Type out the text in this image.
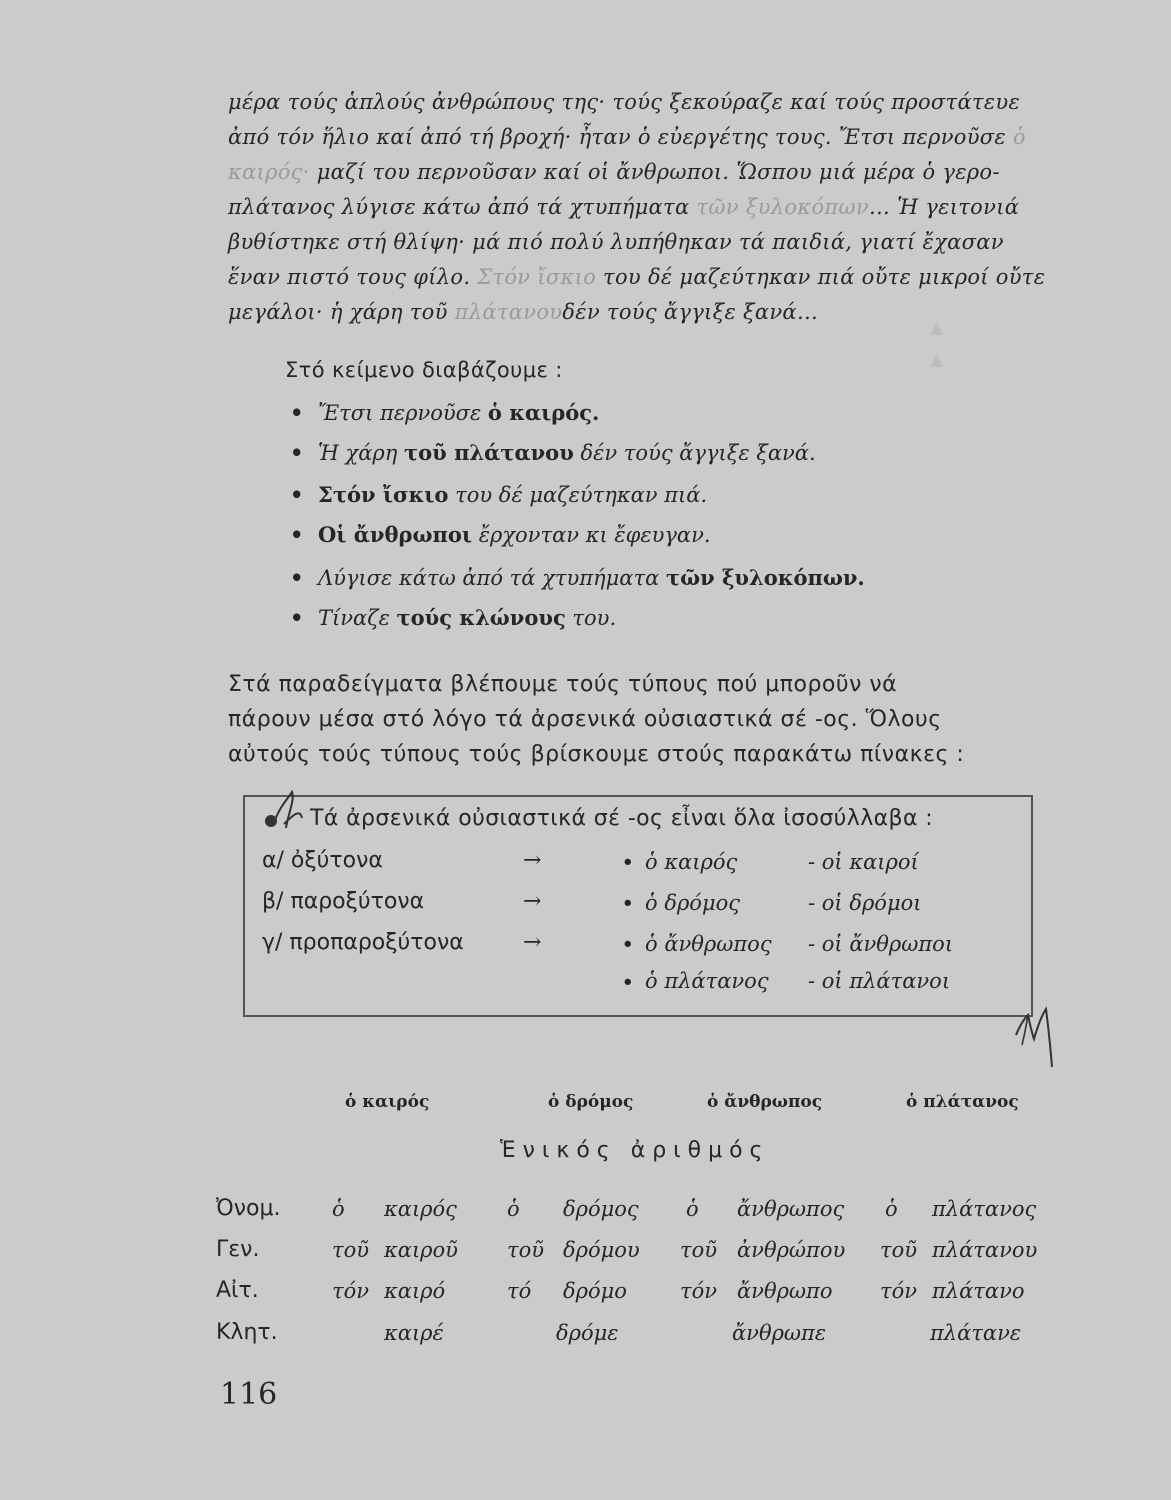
▲
▲
μέρα τούς ἁπλούς ἀνθρώπους της· τούς ξεκούραζε καί τούς προστάτευε
ἀπό τόν ἥλιο καί ἀπό τή βροχή· ἦταν ὁ εὐεργέτης τους. Ἔτσι περνοῦσε ὁ
καιρός· μαζί του περνοῦσαν καί οἱ ἄνθρωποι. Ὥσπου μιά μέρα ὁ γερο-
πλάτανος λύγισε κάτω ἀπό τά χτυπήματα τῶν ξυλοκόπων… Ἡ γειτονιά
βυθίστηκε στή θλίψη· μά πιό πολύ λυπήθηκαν τά παιδιά, γιατί ἔχασαν
ἕναν πιστό τους φίλο. Στόν ἴσκιο του δέ μαζεύτηκαν πιά οὔτε μικροί οὔτε
μεγάλοι· ἡ χάρη τοῦ πλάτανουδέν τούς ἄγγιξε ξανά…
Στό κείμενο διαβάζουμε :
• Ἔτσι περνοῦσε ὁ καιρός.
• Ἡ χάρη τοῦ πλάτανου δέν τούς ἄγγιξε ξανά.
• Στόν ἴσκιο του δέ μαζεύτηκαν πιά.
• Οἱ ἄνθρωποι ἔρχονταν κι ἔφευγαν.
• Λύγισε κάτω ἀπό τά χτυπήματα τῶν ξυλοκόπων.
• Τίναζε τούς κλώνους του.
Στά παραδείγματα βλέπουμε τούς τύπους πού μποροῦν νά
πάρουν μέσα στό λόγο τά ἀρσενικά οὐσιαστικά σέ -ος. Ὅλους
αὐτούς τούς τύπους τούς βρίσκουμε στούς παρακάτω πίνακες :
Τά ἀρσενικά οὐσιαστικά σέ -ος εἶναι ὅλα ἰσοσύλλαβα :
α/ ὀξύτονα	→	• ὁ καιρός	- οἱ καιροί
β/ παροξύτονα	→	• ὁ δρόμος	- οἱ δρόμοι
γ/ προπαροξύτονα	→	• ὁ ἄνθρωπος - οἱ ἄνθρωποι
• ὁ πλάτανος - οἱ πλάτανοι
ὁ καιρός	ὁ δρόμος	ὁ ἄνθρωπος	ὁ πλάτανος
Ἑνικός ἀριθμός
Ὀνομ. ὁ καιρός ὁ δρόμος ὁ ἄνθρωπος ὁ πλάτανος
Γεν.	τοῦ καιροῦ τοῦ δρόμου τοῦ ἀνθρώπου τοῦ πλάτανου
Αἰτ.	τόν καιρό	τό δρόμο	τόν ἄνθρωπο τόν πλάτανο
Κλητ.	καιρέ	δρόμε	ἄνθρωπε	πλάτανε
116
